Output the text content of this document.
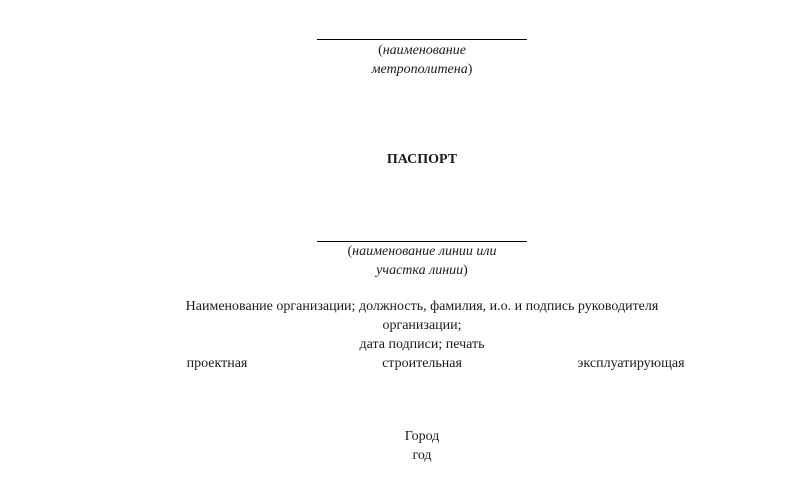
(наименование
метрополитена)
ПАСПОРТ
(наименование линии или
участка линии)
Наименование организации; должность, фамилия, и.о. и подпись руководителя
организации;
дата подписи; печать
проектная	строительная	эксплуатирующая
Город
год
